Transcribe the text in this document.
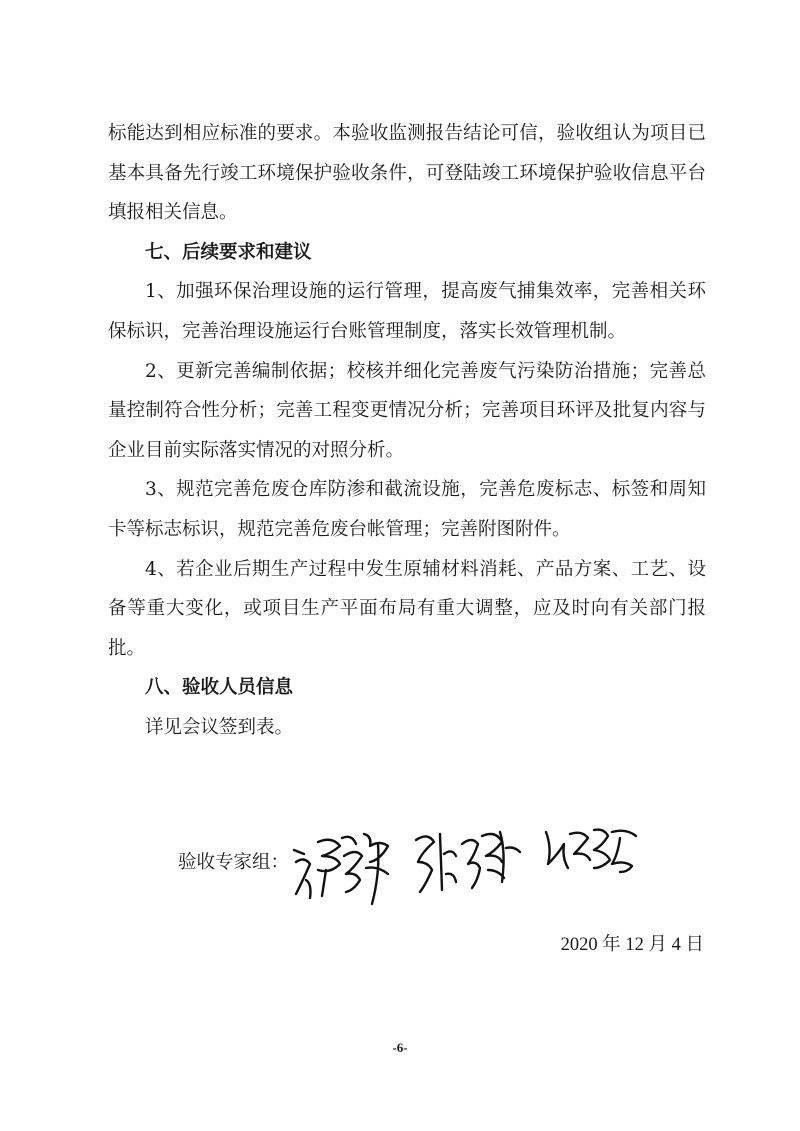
标能达到相应标准的要求。本验收监测报告结论可信，验收组认为项目已基本具备先行竣工环境保护验收条件，可登陆竣工环境保护验收信息平台填报相关信息。

七、后续要求和建议

1、加强环保治理设施的运行管理，提高废气捕集效率，完善相关环保标识，完善治理设施运行台账管理制度，落实长效管理机制。

2、更新完善编制依据；校核并细化完善废气污染防治措施；完善总量控制符合性分析；完善工程变更情况分析；完善项目环评及批复内容与企业目前实际落实情况的对照分析。

3、规范完善危废仓库防渗和截流设施，完善危废标志、标签和周知卡等标志标识，规范完善危废台帐管理；完善附图附件。

4、若企业后期生产过程中发生原辅材料消耗、产品方案、工艺、设备等重大变化，或项目生产平面布局有重大调整，应及时向有关部门报批。

八、验收人员信息

详见会议签到表。

验收专家组：
2020 年 12 月 4 日
-6-
